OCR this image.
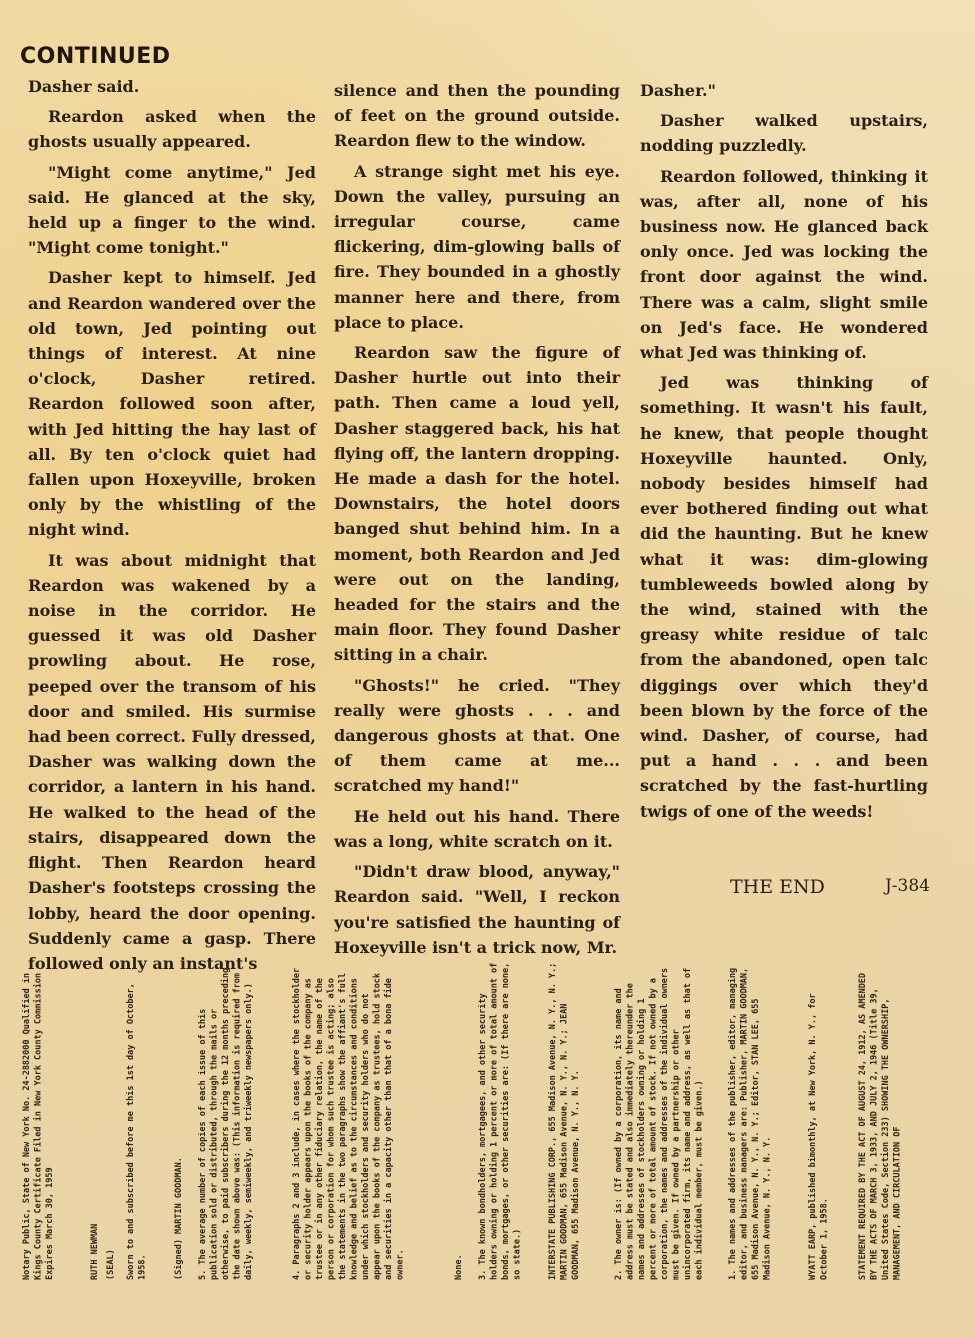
CONTINUED

Dasher said.

Reardon asked when the ghosts usually appeared.

"Might come anytime," Jed said. He glanced at the sky, held up a finger to the wind. "Might come tonight."

Dasher kept to himself. Jed and Reardon wandered over the old town, Jed pointing out things of interest. At nine o'clock, Dasher retired. Reardon followed soon after, with Jed hitting the hay last of all. By ten o'clock quiet had fallen upon Hoxeyville, broken only by the whistling of the night wind.

It was about midnight that Reardon was wakened by a noise in the corridor. He guessed it was old Dasher prowling about. He rose, peeped over the transom of his door and smiled. His surmise had been correct. Fully dressed, Dasher was walking down the corridor, a lantern in his hand. He walked to the head of the stairs, disappeared down the flight. Then Reardon heard Dasher's footsteps crossing the lobby, heard the door opening. Suddenly came a gasp. There followed only an instant's

silence and then the pounding of feet on the ground outside. Reardon flew to the window.

A strange sight met his eye. Down the valley, pursuing an irregular course, came flickering, dim-glowing balls of fire. They bounded in a ghostly manner here and there, from place to place.

Reardon saw the figure of Dasher hurtle out into their path. Then came a loud yell, Dasher staggered back, his hat flying off, the lantern dropping. He made a dash for the hotel. Downstairs, the hotel doors banged shut behind him. In a moment, both Reardon and Jed were out on the landing, headed for the stairs and the main floor. They found Dasher sitting in a chair.

"Ghosts!" he cried. "They really were ghosts . . . and dangerous ghosts at that. One of them came at me... scratched my hand!"

He held out his hand. There was a long, white scratch on it.

"Didn't draw blood, anyway," Reardon said. "Well, I reckon you're satisfied the haunting of Hoxeyville isn't a trick now, Mr.

Dasher."

Dasher walked upstairs, nodding puzzledly.

Reardon followed, thinking it was, after all, none of his business now. He glanced back only once. Jed was locking the front door against the wind. There was a calm, slight smile on Jed's face. He wondered what Jed was thinking of.

Jed was thinking of something. It wasn't his fault, he knew, that people thought Hoxeyville haunted. Only, nobody besides himself had ever bothered finding out what did the haunting. But he knew what it was: dim-glowing tumbleweeds bowled along by the wind, stained with the greasy white residue of talc from the abandoned, open talc diggings over which they'd been blown by the force of the wind. Dasher, of course, had put a hand . . . and been scratched by the fast-hurtling twigs of one of the weeds!

THE END	J-384
STATEMENT REQUIRED BY THE ACT OF AUGUST 24, 1912, AS AMENDED BY THE ACTS OF MARCH 3, 1933, AND JULY 2, 1946 (Title 39, United States Code, Section 233) SHOWING THE OWNERSHIP, MANAGEMENT, AND CIRCULATION OF
WYATT EARP, published bimonthly, at New York, N. Y., for October 1, 1958.
1. The names and addresses of the publisher, editor, managing editor, and business managers are: Publisher, MARTIN GOODMAN, 655 Madison Avenue, N. Y., N. Y.; Editor, STAN LEE, 655 Madison Avenue, N. Y., N. Y.
2. The owner is: (If owned by a corporation, its name and address must be stated and also immediately thereunder the names and addresses of stockholders owning or holding 1 percent or more of total amount of stock. If not owned by a corporation, the names and addresses of the individual owners must be given. If owned by a partnership or other unincorporated firm, its name and address, as well as that of each individual member, must be given.)
INTERSTATE PUBLISHING CORP., 655 Madison Avenue, N. Y., N. Y.; MARTIN GOODMAN, 655 Madison Avenue, N. Y., N. Y.; JEAN GOODMAN, 655 Madison Avenue, N. Y., N. Y.
3. The known bondholders, mortgagees, and other security holders owning or holding 1 percent or more of total amount of bonds, mortgages, or other securities are: (If there are none, so state.)
None.
4. Paragraphs 2 and 3 include, in cases where the stockholder or security holder appears upon the books of the company as trustee or in any other fiduciary relation, the name of the person or corporation for whom such trustee is acting; also the statements in the two paragraphs show the affiant's full knowledge and belief as to the circumstances and conditions under which stockholders and security holders who do not appear upon the books of the company as trustees, hold stock and securities in a capacity other than that of a bona fide owner.
5. The average number of copies of each issue of this publication sold or distributed, through the mails or otherwise, to paid subscribers during the 12 months preceding the date shown above was: (This information is required from daily, weekly, semiweekly, and triweekly newspapers only.)
(Signed) MARTIN GOODMAN.
Sworn to and subscribed before me this 1st day of October, 1958.
(SEAL)
RUTH NEWMAN
Notary Public, State of New York No. 24-2882000 Qualified in Kings County Certificate Filed in New York County Commission Expires March 30, 1959
